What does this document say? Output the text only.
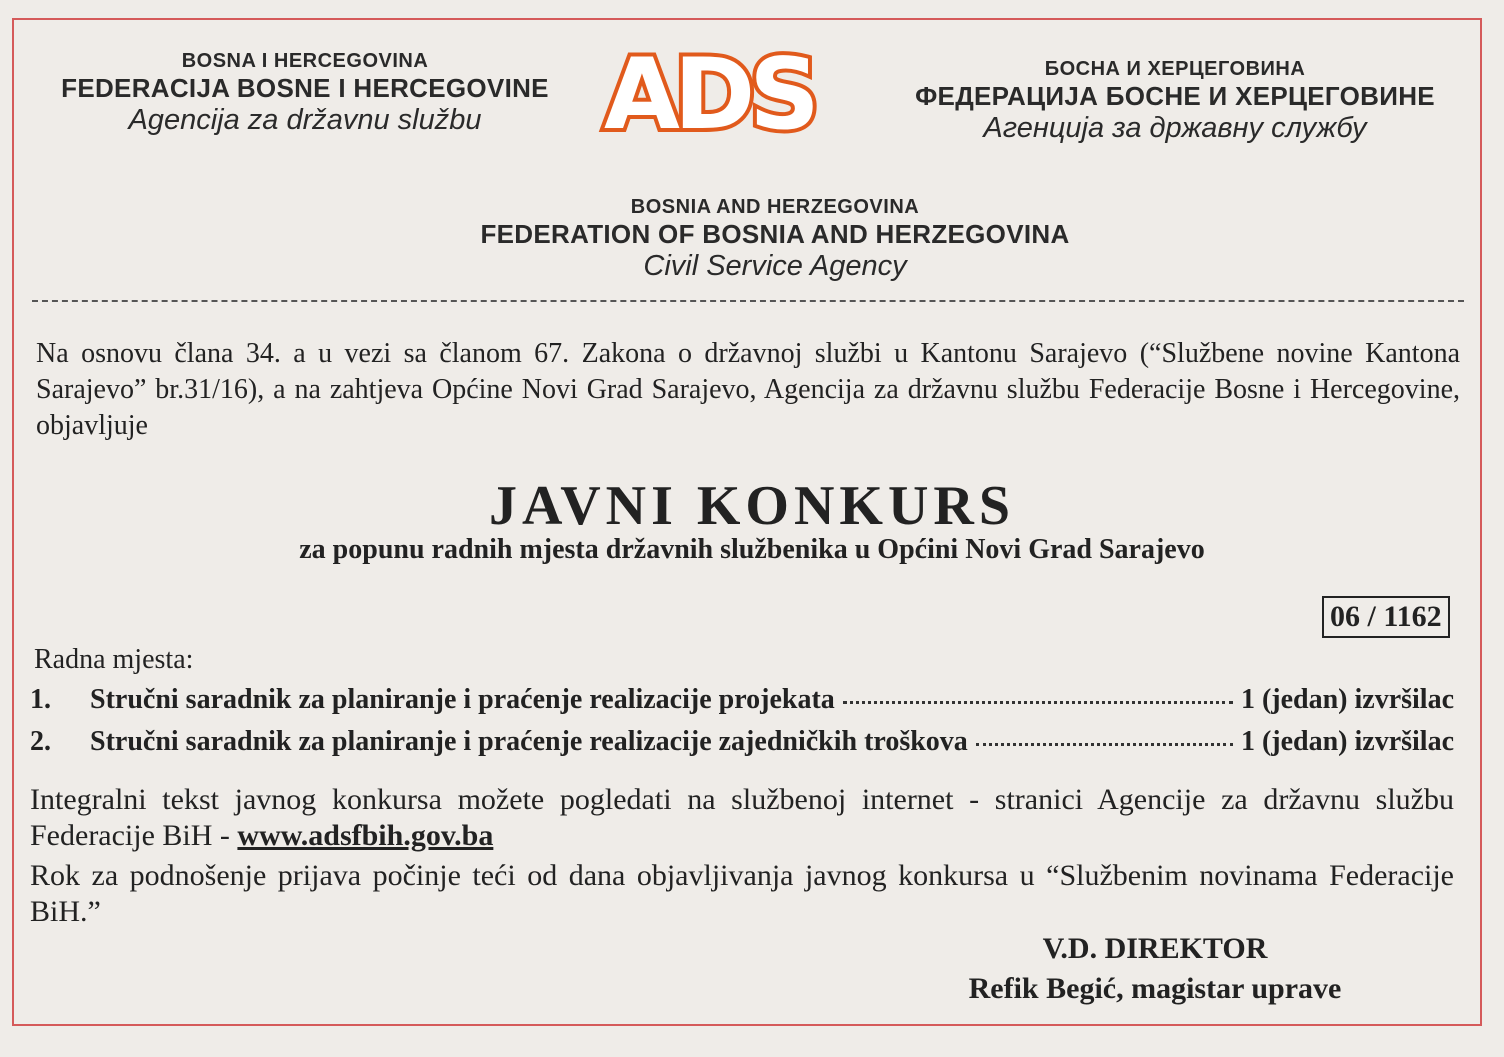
BOSNA I HERCEGOVINA
FEDERACIJA BOSNE I HERCEGOVINE
Agencija za državnu službu	ADS	БОСНА И ХЕРЦЕГОВИНА
ФЕДЕРАЦИЈА БОСНЕ И ХЕРЦЕГОВИНЕ
Агенција за државну службу
BOSNIA AND HERZEGOVINA
FEDERATION OF BOSNIA AND HERZEGOVINA
Civil Service Agency
Na osnovu člana 34. a u vezi sa članom 67. Zakona o državnoj službi u Kantonu Sarajevo (“Službene novine Kantona Sarajevo” br.31/16), a na zahtjeva Općine Novi Grad Sarajevo, Agencija za državnu službu Federacije Bosne i Hercegovine, objavljuje
JAVNI KONKURS
za popunu radnih mjesta državnih službenika u Općini Novi Grad Sarajevo
06 / 1162
Radna mjestа:
1.	Stručni saradnik za planiranje i praćenje realizacije projekata	1 (jedan) izvršilac
2.	Stručni saradnik za planiranje i praćenje realizacije zajedničkih troškova	1 (jedan) izvršilac
Integralni tekst javnog konkursa možete pogledati na službenoj internet - stranici Agencije za državnu službu Federacije BiH - www.adsfbih.gov.ba
Rok za podnošenje prijava počinje teći od dana objavljivanja javnog konkursa u “Službenim novinama Federacije BiH.”
V.D. DIREKTOR
Refik Begić, magistar uprave
